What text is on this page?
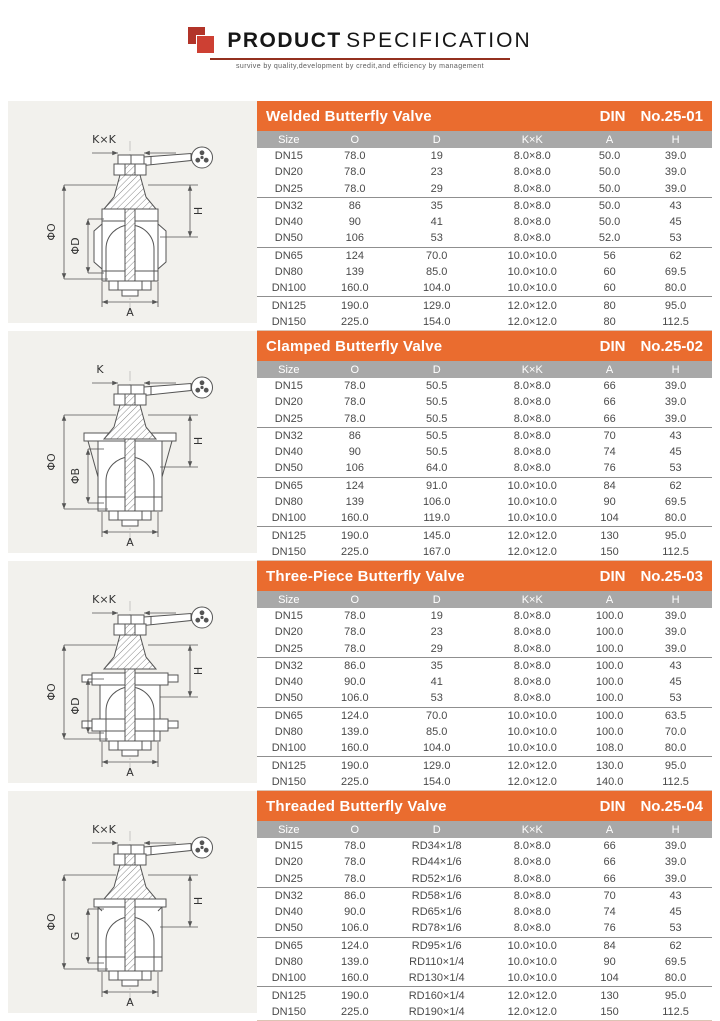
PRODUCT SPECIFICATION
survive by quality,development by credit,and efficiency by management
K×K
ΦO
ΦD
H
A
Welded Butterfly Valve	DIN No.25-01
Size	O	D	K×K	A	H
DN15	78.0	19	8.0×8.0	50.0	39.0
DN20	78.0	23	8.0×8.0	50.0	39.0
DN25	78.0	29	8.0×8.0	50.0	39.0
DN32	86	35	8.0×8.0	50.0	43
DN40	90	41	8.0×8.0	50.0	45
DN50	106	53	8.0×8.0	52.0	53
DN65	124	70.0	10.0×10.0	56	62
DN80	139	85.0	10.0×10.0	60	69.5
DN100	160.0	104.0	10.0×10.0	60	80.0
DN125	190.0	129.0	12.0×12.0	80	95.0
DN150	225.0	154.0	12.0×12.0	80	112.5
K
ΦO
ΦB
H
A
Clamped Butterfly Valve	DIN No.25-02
Size	O	D	K×K	A	H
DN15	78.0	50.5	8.0×8.0	66	39.0
DN20	78.0	50.5	8.0×8.0	66	39.0
DN25	78.0	50.5	8.0×8.0	66	39.0
DN32	86	50.5	8.0×8.0	70	43
DN40	90	50.5	8.0×8.0	74	45
DN50	106	64.0	8.0×8.0	76	53
DN65	124	91.0	10.0×10.0	84	62
DN80	139	106.0	10.0×10.0	90	69.5
DN100	160.0	119.0	10.0×10.0	104	80.0
DN125	190.0	145.0	12.0×12.0	130	95.0
DN150	225.0	167.0	12.0×12.0	150	112.5
K×K
ΦO
ΦD
H
A
Three-Piece Butterfly Valve	DIN No.25-03
Size	O	D	K×K	A	H
DN15	78.0	19	8.0×8.0	100.0	39.0
DN20	78.0	23	8.0×8.0	100.0	39.0
DN25	78.0	29	8.0×8.0	100.0	39.0
DN32	86.0	35	8.0×8.0	100.0	43
DN40	90.0	41	8.0×8.0	100.0	45
DN50	106.0	53	8.0×8.0	100.0	53
DN65	124.0	70.0	10.0×10.0	100.0	63.5
DN80	139.0	85.0	10.0×10.0	100.0	70.0
DN100	160.0	104.0	10.0×10.0	108.0	80.0
DN125	190.0	129.0	12.0×12.0	130.0	95.0
DN150	225.0	154.0	12.0×12.0	140.0	112.5
K×K
ΦO
G
H
A
Threaded Butterfly Valve	DIN No.25-04
Size	O	D	K×K	A	H
DN15	78.0	RD34×1/8	8.0×8.0	66	39.0
DN20	78.0	RD44×1/6	8.0×8.0	66	39.0
DN25	78.0	RD52×1/6	8.0×8.0	66	39.0
DN32	86.0	RD58×1/6	8.0×8.0	70	43
DN40	90.0	RD65×1/6	8.0×8.0	74	45
DN50	106.0	RD78×1/6	8.0×8.0	76	53
DN65	124.0	RD95×1/6	10.0×10.0	84	62
DN80	139.0	RD110×1/4	10.0×10.0	90	69.5
DN100	160.0	RD130×1/4	10.0×10.0	104	80.0
DN125	190.0	RD160×1/4	12.0×12.0	130	95.0
DN150	225.0	RD190×1/4	12.0×12.0	150	112.5
